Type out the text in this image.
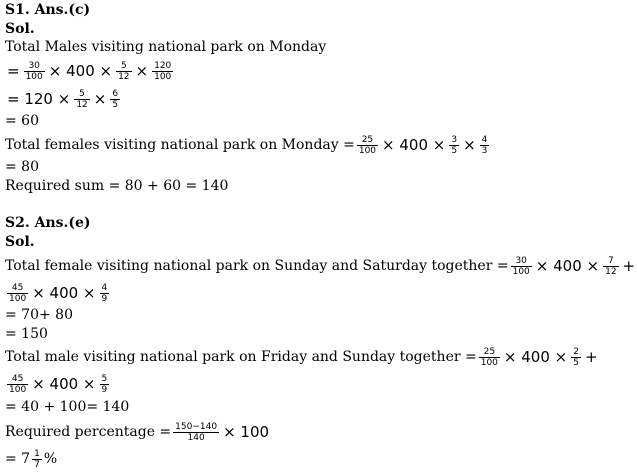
S1. Ans.(c)
Sol.
Total Males visiting national park on Monday
= $\frac{30}{100} \times 400 \times \frac{5}{12} \times \frac{120}{100}$
= $120 \times \frac{5}{12} \times \frac{6}{5}$
= 60
Total females visiting national park on Monday = $\frac{25}{100} \times 400 \times \frac{3}{5} \times \frac{4}{3}$
= 80
Required sum = 80 + 60 = 140
S2. Ans.(e)
Sol.
Total female visiting national park on Sunday and Saturday together = $\frac{30}{100} \times 400 \times \frac{7}{12}$ +
$\frac{45}{100} \times 400 \times \frac{4}{9}$
= 70+ 80
= 150
Total male visiting national park on Friday and Sunday together = $\frac{25}{100} \times 400 \times \frac{2}{5}$ +
$\frac{45}{100} \times 400 \times \frac{5}{9}$
= 40 + 100= 140
Required percentage = $\frac{150-140}{140} \times 100$
= $7 \frac{1}{7}$ %
